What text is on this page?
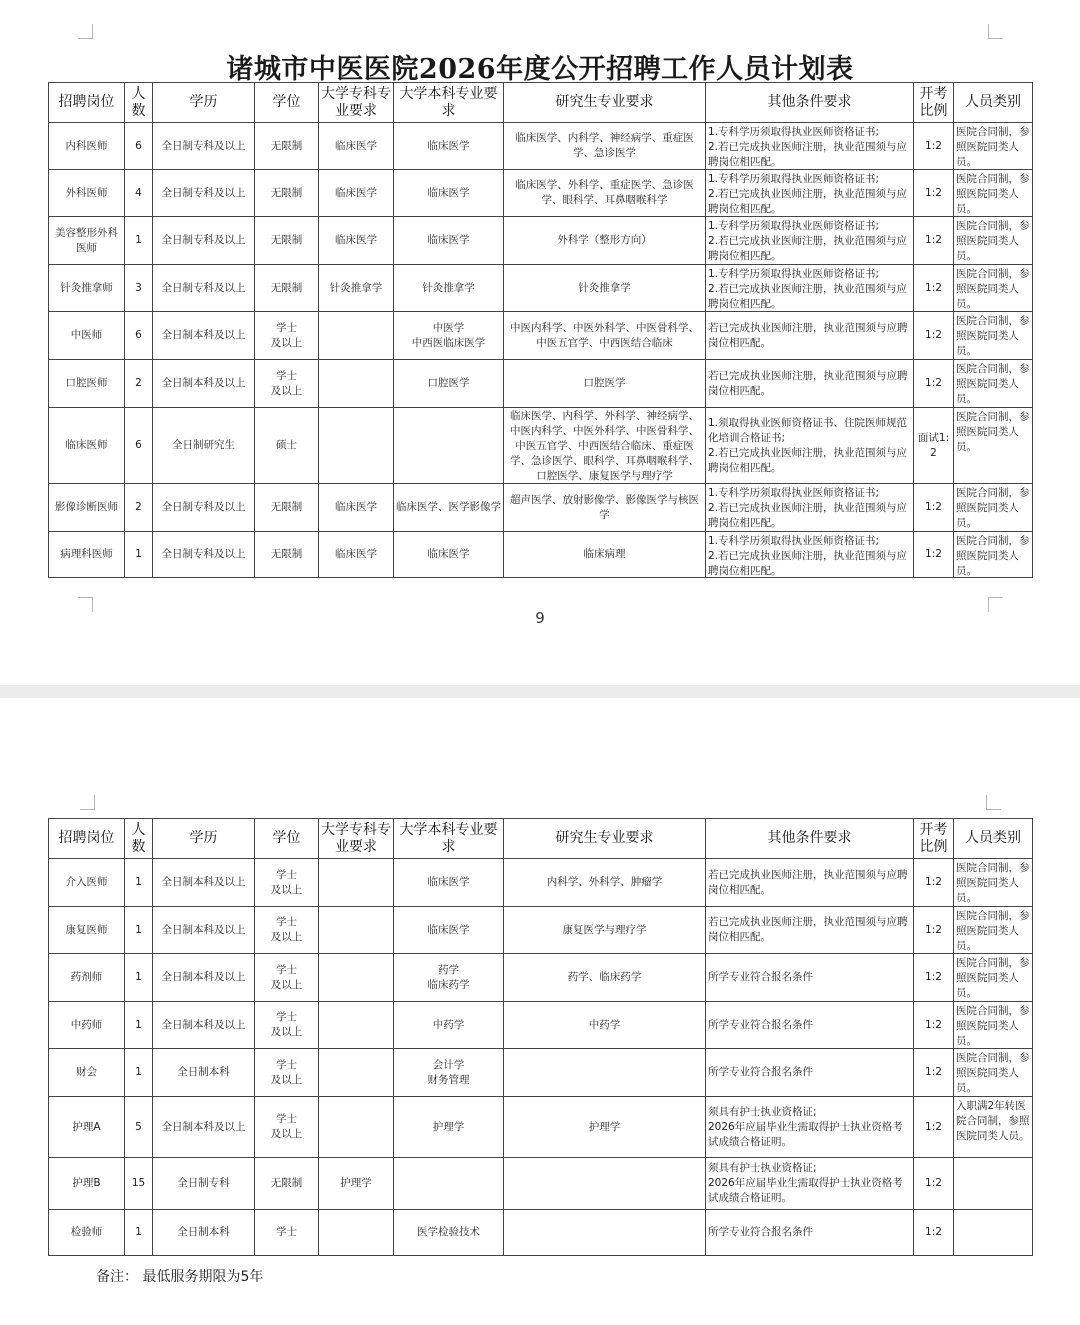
诸城市中医医院2026年度公开招聘工作人员计划表
招聘岗位	人数	学历	学位	大学专科专业要求	大学本科专业要求	研究生专业要求	其他条件要求	开考比例	人员类别

内科医师	6	全日制专科及以上	无限制	临床医学	临床医学	临床医学、内科学、神经病学、重症医学、急诊医学	1.专科学历须取得执业医师资格证书;
2.若已完成执业医师注册，执业范围须与应聘岗位相匹配。	1:2	医院合同制，参照医院同类人员。

外科医师	4	全日制专科及以上	无限制	临床医学	临床医学	临床医学、外科学、重症医学、急诊医学、眼科学、耳鼻咽喉科学	1.专科学历须取得执业医师资格证书;
2.若已完成执业医师注册，执业范围须与应聘岗位相匹配。	1:2	医院合同制，参照医院同类人员。

美容整形外科医师	1	全日制专科及以上	无限制	临床医学	临床医学	外科学（整形方向）	1.专科学历须取得执业医师资格证书;
2.若已完成执业医师注册，执业范围须与应聘岗位相匹配。	1:2	医院合同制，参照医院同类人员。

针灸推拿师	3	全日制专科及以上	无限制	针灸推拿学	针灸推拿学	针灸推拿学	1.专科学历须取得执业医师资格证书;
2.若已完成执业医师注册，执业范围须与应聘岗位相匹配。	1:2	医院合同制，参照医院同类人员。

中医师	6	全日制本科及以上	学士
及以上		中医学
中西医临床医学	中医内科学、中医外科学、中医骨科学、中医五官学、中西医结合临床	若已完成执业医师注册，执业范围须与应聘岗位相匹配。	1:2	医院合同制，参照医院同类人员。

口腔医师	2	全日制本科及以上	学士
及以上		口腔医学	口腔医学	若已完成执业医师注册，执业范围须与应聘岗位相匹配。	1:2	医院合同制，参照医院同类人员。

临床医师	6	全日制研究生	硕士			临床医学、内科学、外科学、神经病学、中医内科学、中医外科学、中医骨科学、中医五官学、中西医结合临床、重症医学、急诊医学、眼科学、耳鼻咽喉科学、口腔医学、康复医学与理疗学	1.须取得执业医师资格证书、住院医师规范化培训合格证书;
2.若已完成执业医师注册，执业范围须与应聘岗位相匹配。	面试1:2	医院合同制，参照医院同类人员。

影像诊断医师	2	全日制专科及以上	无限制	临床医学	临床医学、医学影像学	超声医学、放射影像学、影像医学与核医学	1.专科学历须取得执业医师资格证书;
2.若已完成执业医师注册，执业范围须与应聘岗位相匹配。	1:2	医院合同制，参照医院同类人员。

病理科医师	1	全日制专科及以上	无限制	临床医学	临床医学	临床病理	1.专科学历须取得执业医师资格证书;
2.若已完成执业医师注册，执业范围须与应聘岗位相匹配。	1:2	医院合同制，参照医院同类人员。
9
招聘岗位	人数	学历	学位	大学专科专业要求	大学本科专业要求	研究生专业要求	其他条件要求	开考比例	人员类别

介入医师	1	全日制本科及以上	学士
及以上		临床医学	内科学、外科学、肿瘤学	若已完成执业医师注册，执业范围须与应聘岗位相匹配。	1:2	医院合同制，参照医院同类人员。

康复医师	1	全日制本科及以上	学士
及以上		临床医学	康复医学与理疗学	若已完成执业医师注册，执业范围须与应聘岗位相匹配。	1:2	医院合同制，参照医院同类人员。

药剂师	1	全日制本科及以上	学士
及以上		药学
临床药学	药学、临床药学	所学专业符合报名条件	1:2	医院合同制，参照医院同类人员。

中药师	1	全日制本科及以上	学士
及以上		中药学	中药学	所学专业符合报名条件	1:2	医院合同制，参照医院同类人员。

财会	1	全日制本科	学士
及以上		会计学
财务管理		所学专业符合报名条件	1:2	医院合同制，参照医院同类人员。

护理A	5	全日制本科及以上	学士
及以上		护理学	护理学	须具有护士执业资格证;
2026年应届毕业生需取得护士执业资格考试成绩合格证明。	1:2	入职满2年转医院合同制，参照医院同类人员。

护理B	15	全日制专科	无限制	护理学			须具有护士执业资格证;
2026年应届毕业生需取得护士执业资格考试成绩合格证明。	1:2	

检验师	1	全日制本科	学士		医学检验技术		所学专业符合报名条件	1:2	

备注： 最低服务期限为5年
